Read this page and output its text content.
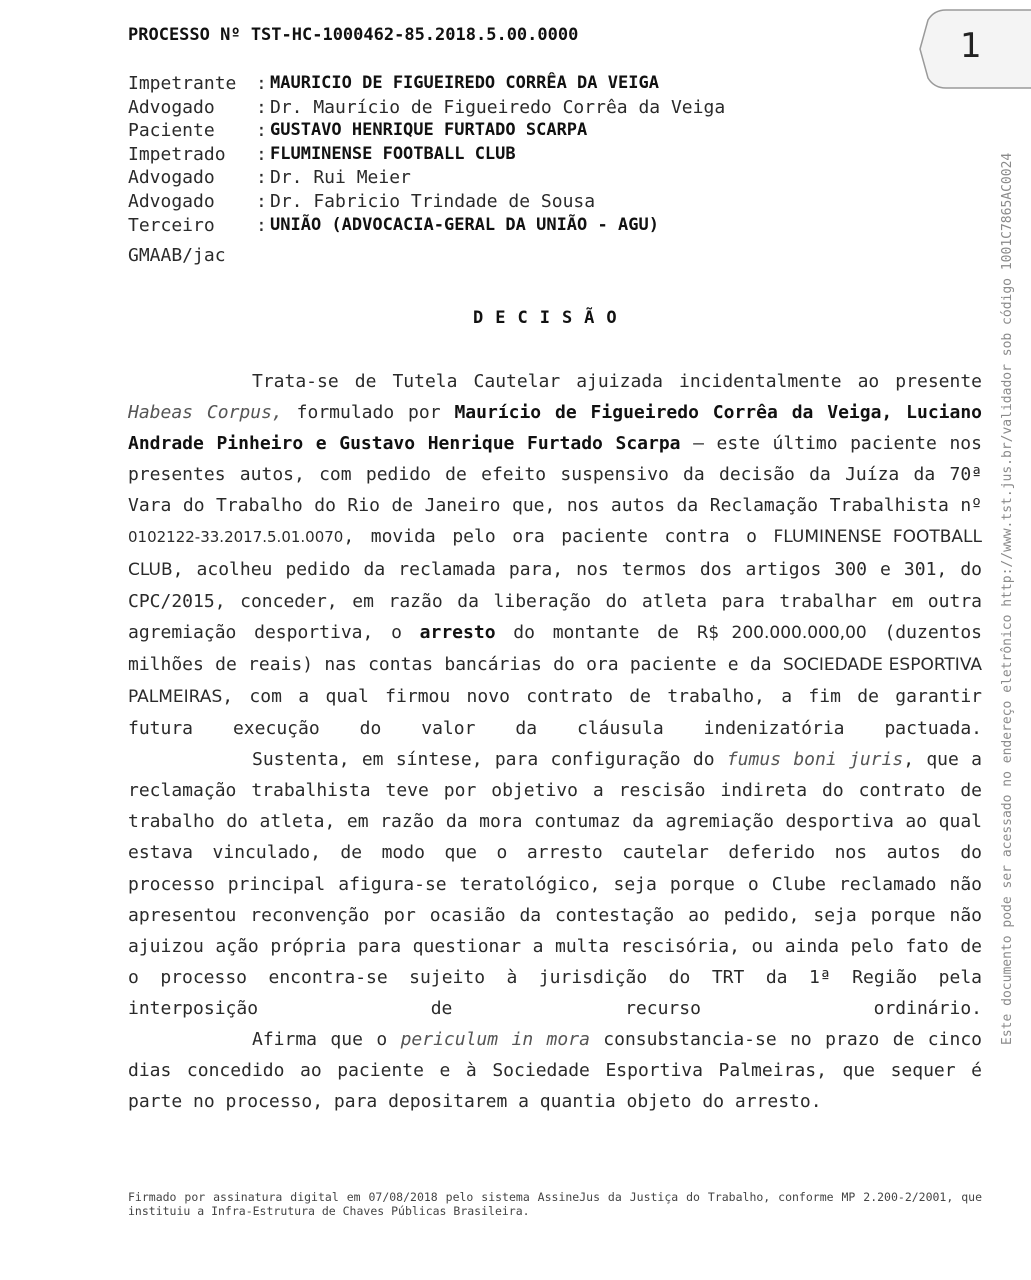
PROCESSO Nº TST-HC-1000462-85.2018.5.00.0000	1
Impetrante	: MAURICIO DE FIGUEIREDO CORRÊA DA VEIGA
Advogado	: Dr. Maurício de Figueiredo Corrêa da Veiga
Paciente	: GUSTAVO HENRIQUE FURTADO SCARPA
Impetrado	: FLUMINENSE FOOTBALL CLUB
Advogado	: Dr. Rui Meier
Advogado	: Dr. Fabricio Trindade de Sousa
Terceiro	: UNIÃO (ADVOCACIA-GERAL DA UNIÃO - AGU)
GMAAB/jac
DECISÃO

Trata-se de Tutela Cautelar ajuizada incidentalmente ao presente Habeas Corpus, formulado por Maurício de Figueiredo Corrêa da Veiga, Luciano Andrade Pinheiro e Gustavo Henrique Furtado Scarpa – este último paciente nos presentes autos, com pedido de efeito suspensivo da decisão da Juíza da 70ª Vara do Trabalho do Rio de Janeiro que, nos autos da Reclamação Trabalhista nº 0102122-33.2017.5.01.0070, movida pelo ora paciente contra o FLUMINENSE FOOTBALL CLUB, acolheu pedido da reclamada para, nos termos dos artigos 300 e 301, do CPC/2015, conceder, em razão da liberação do atleta para trabalhar em outra agremiação desportiva, o arresto do montante de R$ 200.000.000,00 (duzentos milhões de reais) nas contas bancárias do ora paciente e da SOCIEDADE ESPORTIVA PALMEIRAS, com a qual firmou novo contrato de trabalho, a fim de garantir futura execução do valor da cláusula indenizatória pactuada.

Sustenta, em síntese, para configuração do fumus boni juris, que a reclamação trabalhista teve por objetivo a rescisão indireta do contrato de trabalho do atleta, em razão da mora contumaz da agremiação desportiva ao qual estava vinculado, de modo que o arresto cautelar deferido nos autos do processo principal afigura-se teratológico, seja porque o Clube reclamado não apresentou reconvenção por ocasião da contestação ao pedido, seja porque não ajuizou ação própria para questionar a multa rescisória, ou ainda pelo fato de o processo encontra-se sujeito à jurisdição do TRT da 1ª Região pela interposição de recurso ordinário.

Afirma que o periculum in mora consubstancia-se no prazo de cinco dias concedido ao paciente e à Sociedade Esportiva Palmeiras, que sequer é parte no processo, para depositarem a quantia objeto do arresto.

Este documento pode ser acessado no endereço eletrônico http://www.tst.jus.br/validador sob código 1001C7865AC0024
Firmado por assinatura digital em 07/08/2018 pelo sistema AssineJus da Justiça do Trabalho, conforme MP 2.200-2/2001, que instituiu a Infra-Estrutura de Chaves Públicas Brasileira.
